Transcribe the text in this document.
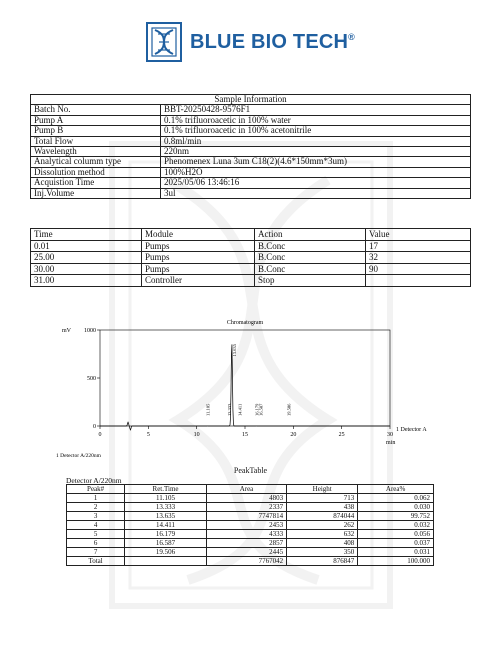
BLUE BIO TECH®
Sample Information	
Batch No.	BBT-20250428-9576F1
Pump A	0.1% trifluoroacetic in 100% water
Pump B	0.1% trifluoroacetic in 100% acetonitrile
Total Flow	0.8ml/min
Wavelength	220nm
Analytical columm type	Phenomenex Luna 3um C18(2)(4.6*150mm*3um)
Dissolution method	100%H2O
Acquistion Time	2025/05/06 13:46:16
Inj.Volume	3ul
Time	Module	Action	Value
0.01	Pumps	B.Conc	17
25.00	Pumps	B.Conc	32
30.00	Pumps	B.Conc	90
31.00	Controller	Stop	
Chromatogram
mV
0
500
1000
0	5	10	15	20	25	30
min
1 Detector A
1 Detector A/220nm
11.105	13.333
13.635
14.411	16.179
16.587	19.506
PeakTable
Detector A/220nm
Peak#	Ret.Time	Area	Height	Area%
1	11.105	4803	713	0.062
2	13.333	2337	438	0.030
3	13.635	7747814	874044	99.752
4	14.411	2453	262	0.032
5	16.179	4333	632	0.056
6	16.587	2857	408	0.037
7	19.506	2445	350	0.031
Total		7767042	876847	100.000
